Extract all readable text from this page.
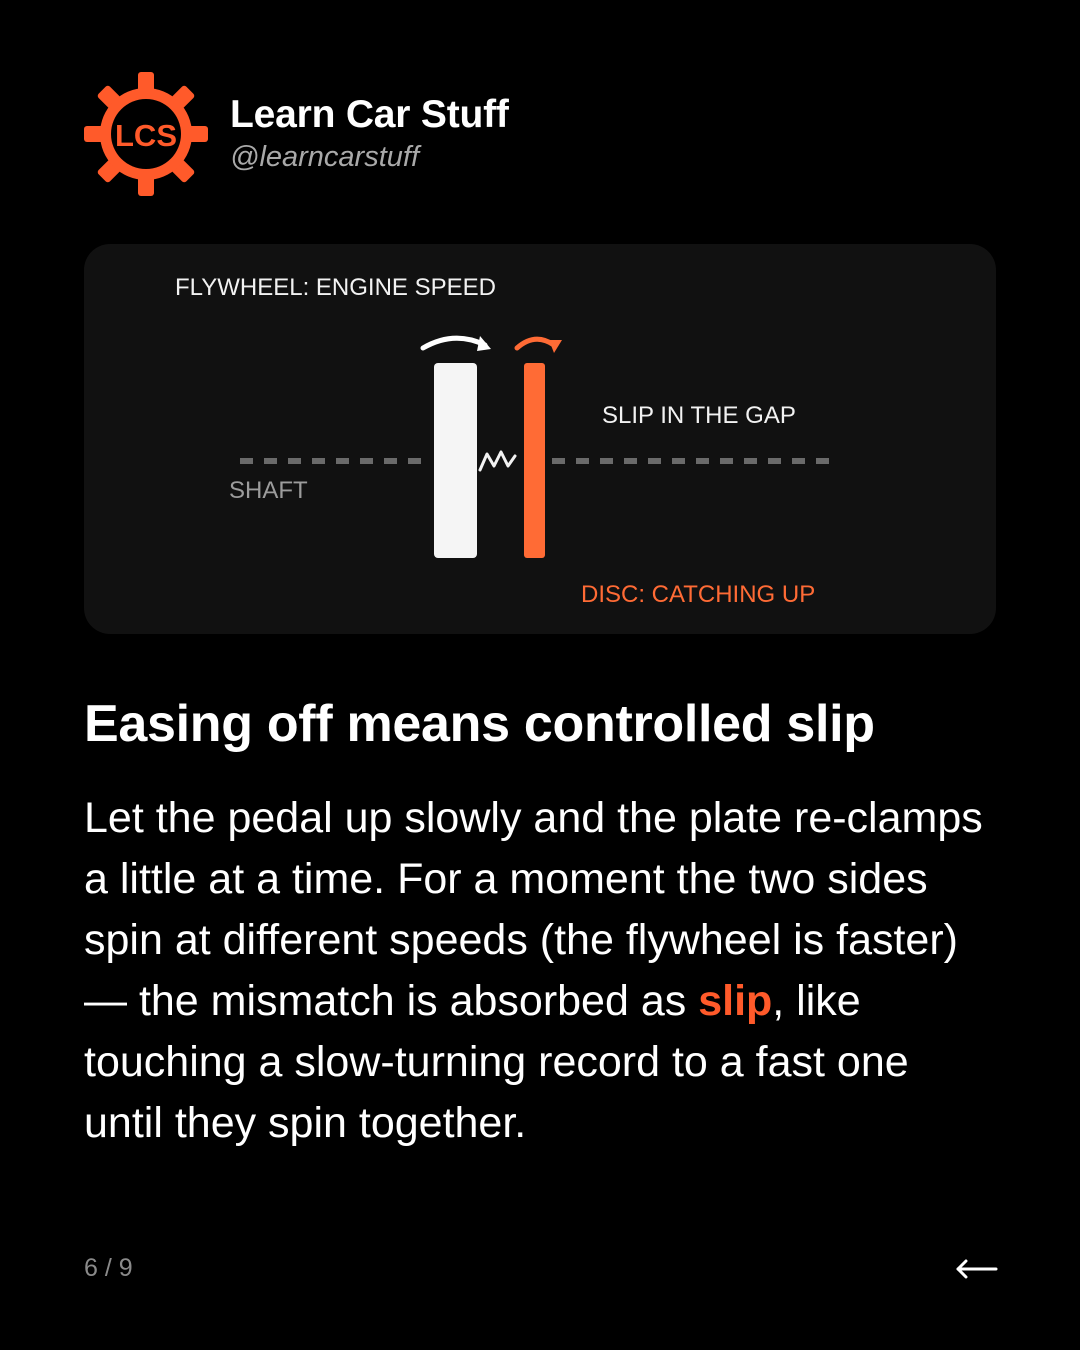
LCS Learn Car Stuff
@learncarstuff
FLYWHEEL: ENGINE SPEED
SLIP IN THE GAP
SHAFT
DISC: CATCHING UP
Easing off means controlled slip

Let the pedal up slowly and the plate re-clamps a little at a time. For a moment the two sides spin at different speeds (the flywheel is faster) — the mismatch is absorbed as slip, like touching a slow-turning record to a fast one until they spin together.

6 / 9
